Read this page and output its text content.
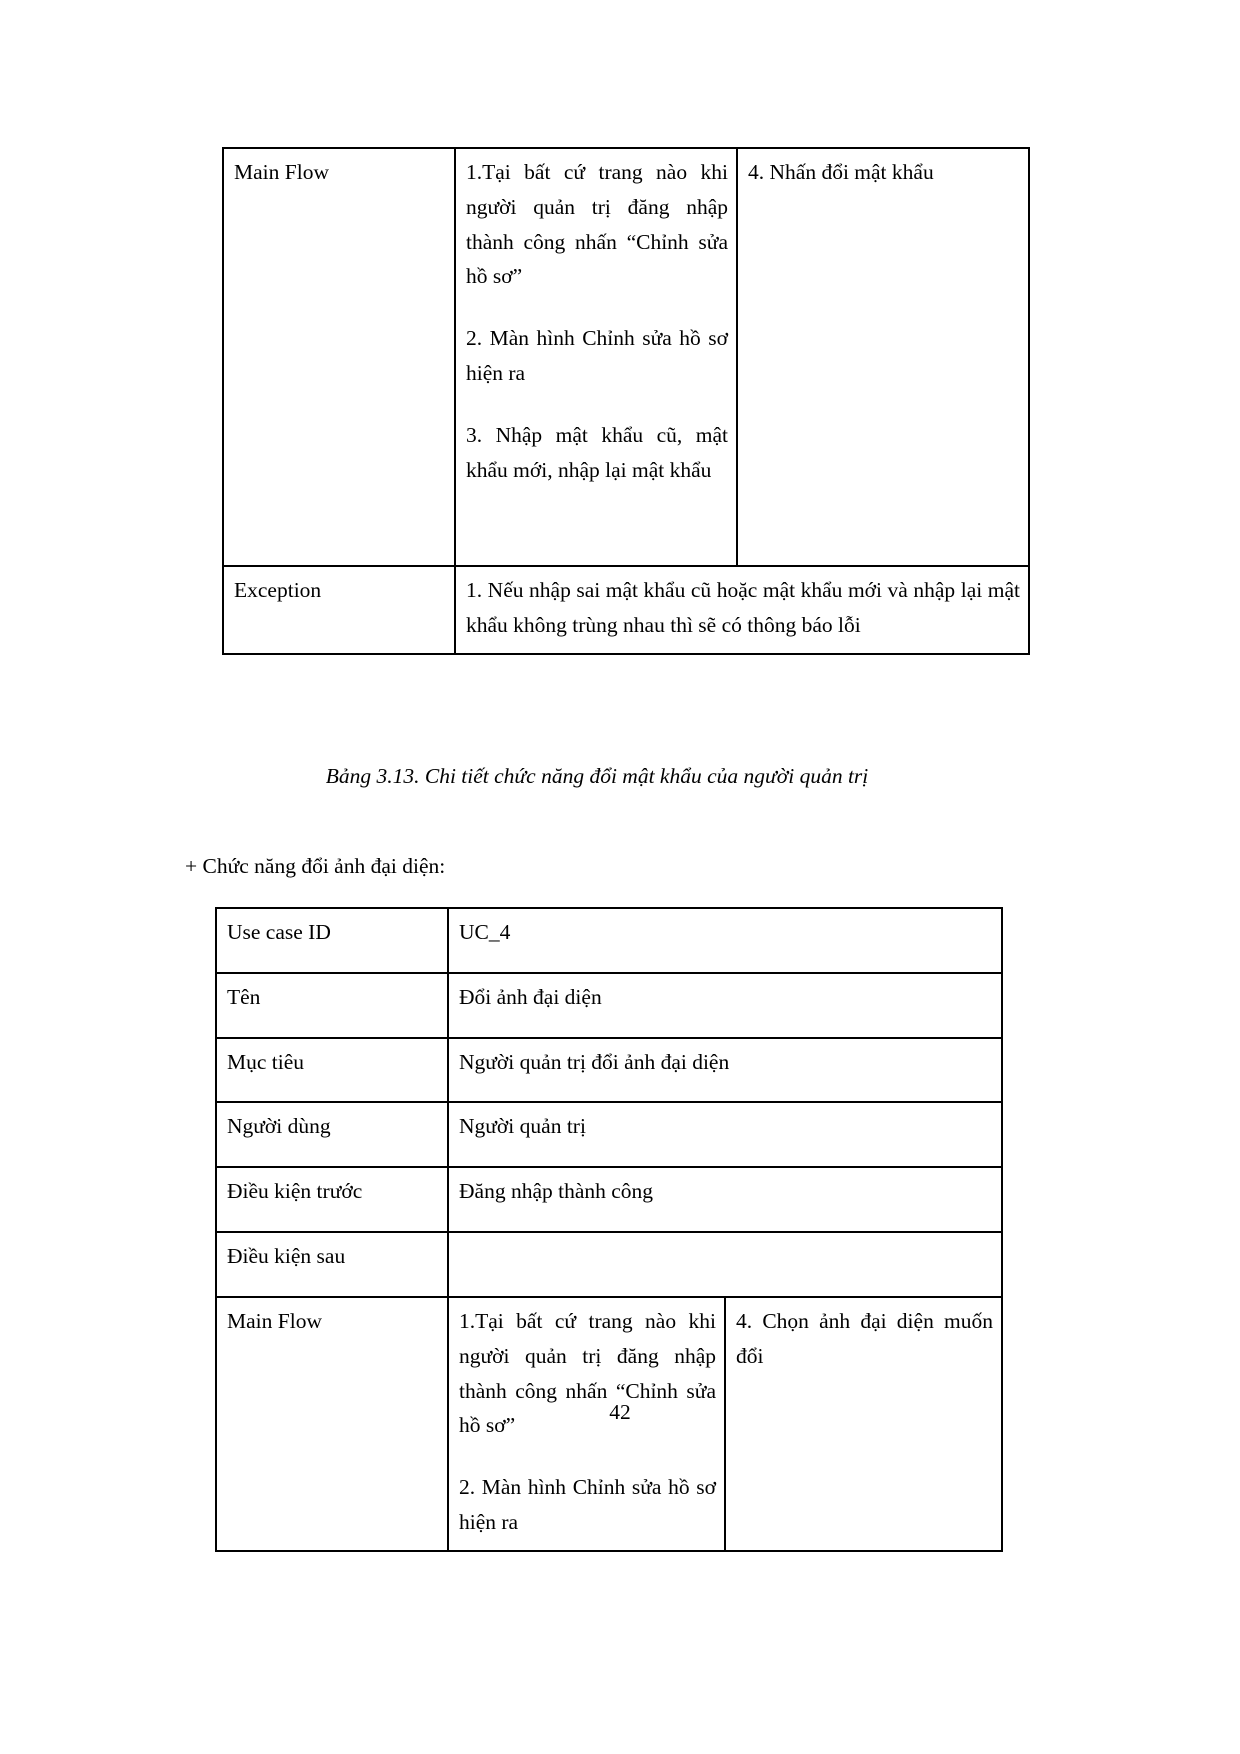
Main Flow	1.Tại bất cứ trang nào khi người quản trị đăng nhập thành công nhấn “Chỉnh sửa hồ sơ”

2. Màn hình Chỉnh sửa hồ sơ hiện ra

3. Nhập mật khẩu cũ, mật khẩu mới, nhập lại mật khẩu	4. Nhấn đổi mật khẩu

Exception	1. Nếu nhập sai mật khẩu cũ hoặc mật khẩu mới và nhập lại mật khẩu không trùng nhau thì sẽ có thông báo lỗi	

Bảng 3.13. Chi tiết chức năng đổi mật khẩu của người quản trị
+ Chức năng đổi ảnh đại diện:
Use case ID	UC_4	
Tên	Đổi ảnh đại diện	
Mục tiêu	Người quản trị đổi ảnh đại diện	
Người dùng	Người quản trị	
Điều kiện trước	Đăng nhập thành công	
Điều kiện sau		
Main Flow	1.Tại bất cứ trang nào khi người quản trị đăng nhập thành công nhấn “Chỉnh sửa hồ sơ”

2. Màn hình Chỉnh sửa hồ sơ hiện ra	4. Chọn ảnh đại diện muốn đổi

42
